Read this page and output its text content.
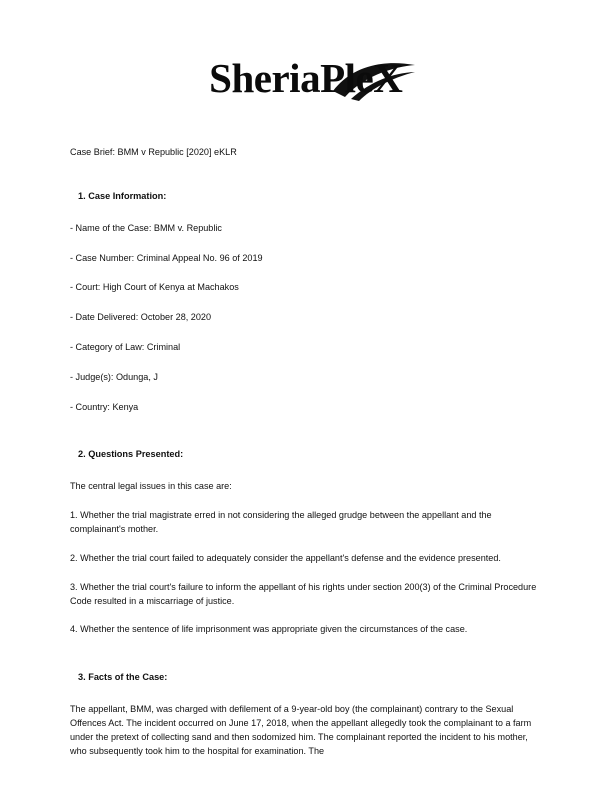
SheriaPleX

Case Brief: BMM v Republic [2020] eKLR

1. Case Information:

- Name of the Case: BMM v. Republic

- Case Number: Criminal Appeal No. 96 of 2019

- Court: High Court of Kenya at Machakos

- Date Delivered: October 28, 2020

- Category of Law: Criminal

- Judge(s): Odunga, J

- Country: Kenya

2. Questions Presented:

The central legal issues in this case are:

1. Whether the trial magistrate erred in not considering the alleged grudge between the appellant and the complainant's mother.

2. Whether the trial court failed to adequately consider the appellant's defense and the evidence presented.

3. Whether the trial court's failure to inform the appellant of his rights under section 200(3) of the Criminal Procedure Code resulted in a miscarriage of justice.

4. Whether the sentence of life imprisonment was appropriate given the circumstances of the case.

3. Facts of the Case:

The appellant, BMM, was charged with defilement of a 9-year-old boy (the complainant) contrary to the Sexual Offences Act. The incident occurred on June 17, 2018, when the appellant allegedly took the complainant to a farm under the pretext of collecting sand and then sodomized him. The complainant reported the incident to his mother, who subsequently took him to the hospital for examination. The
